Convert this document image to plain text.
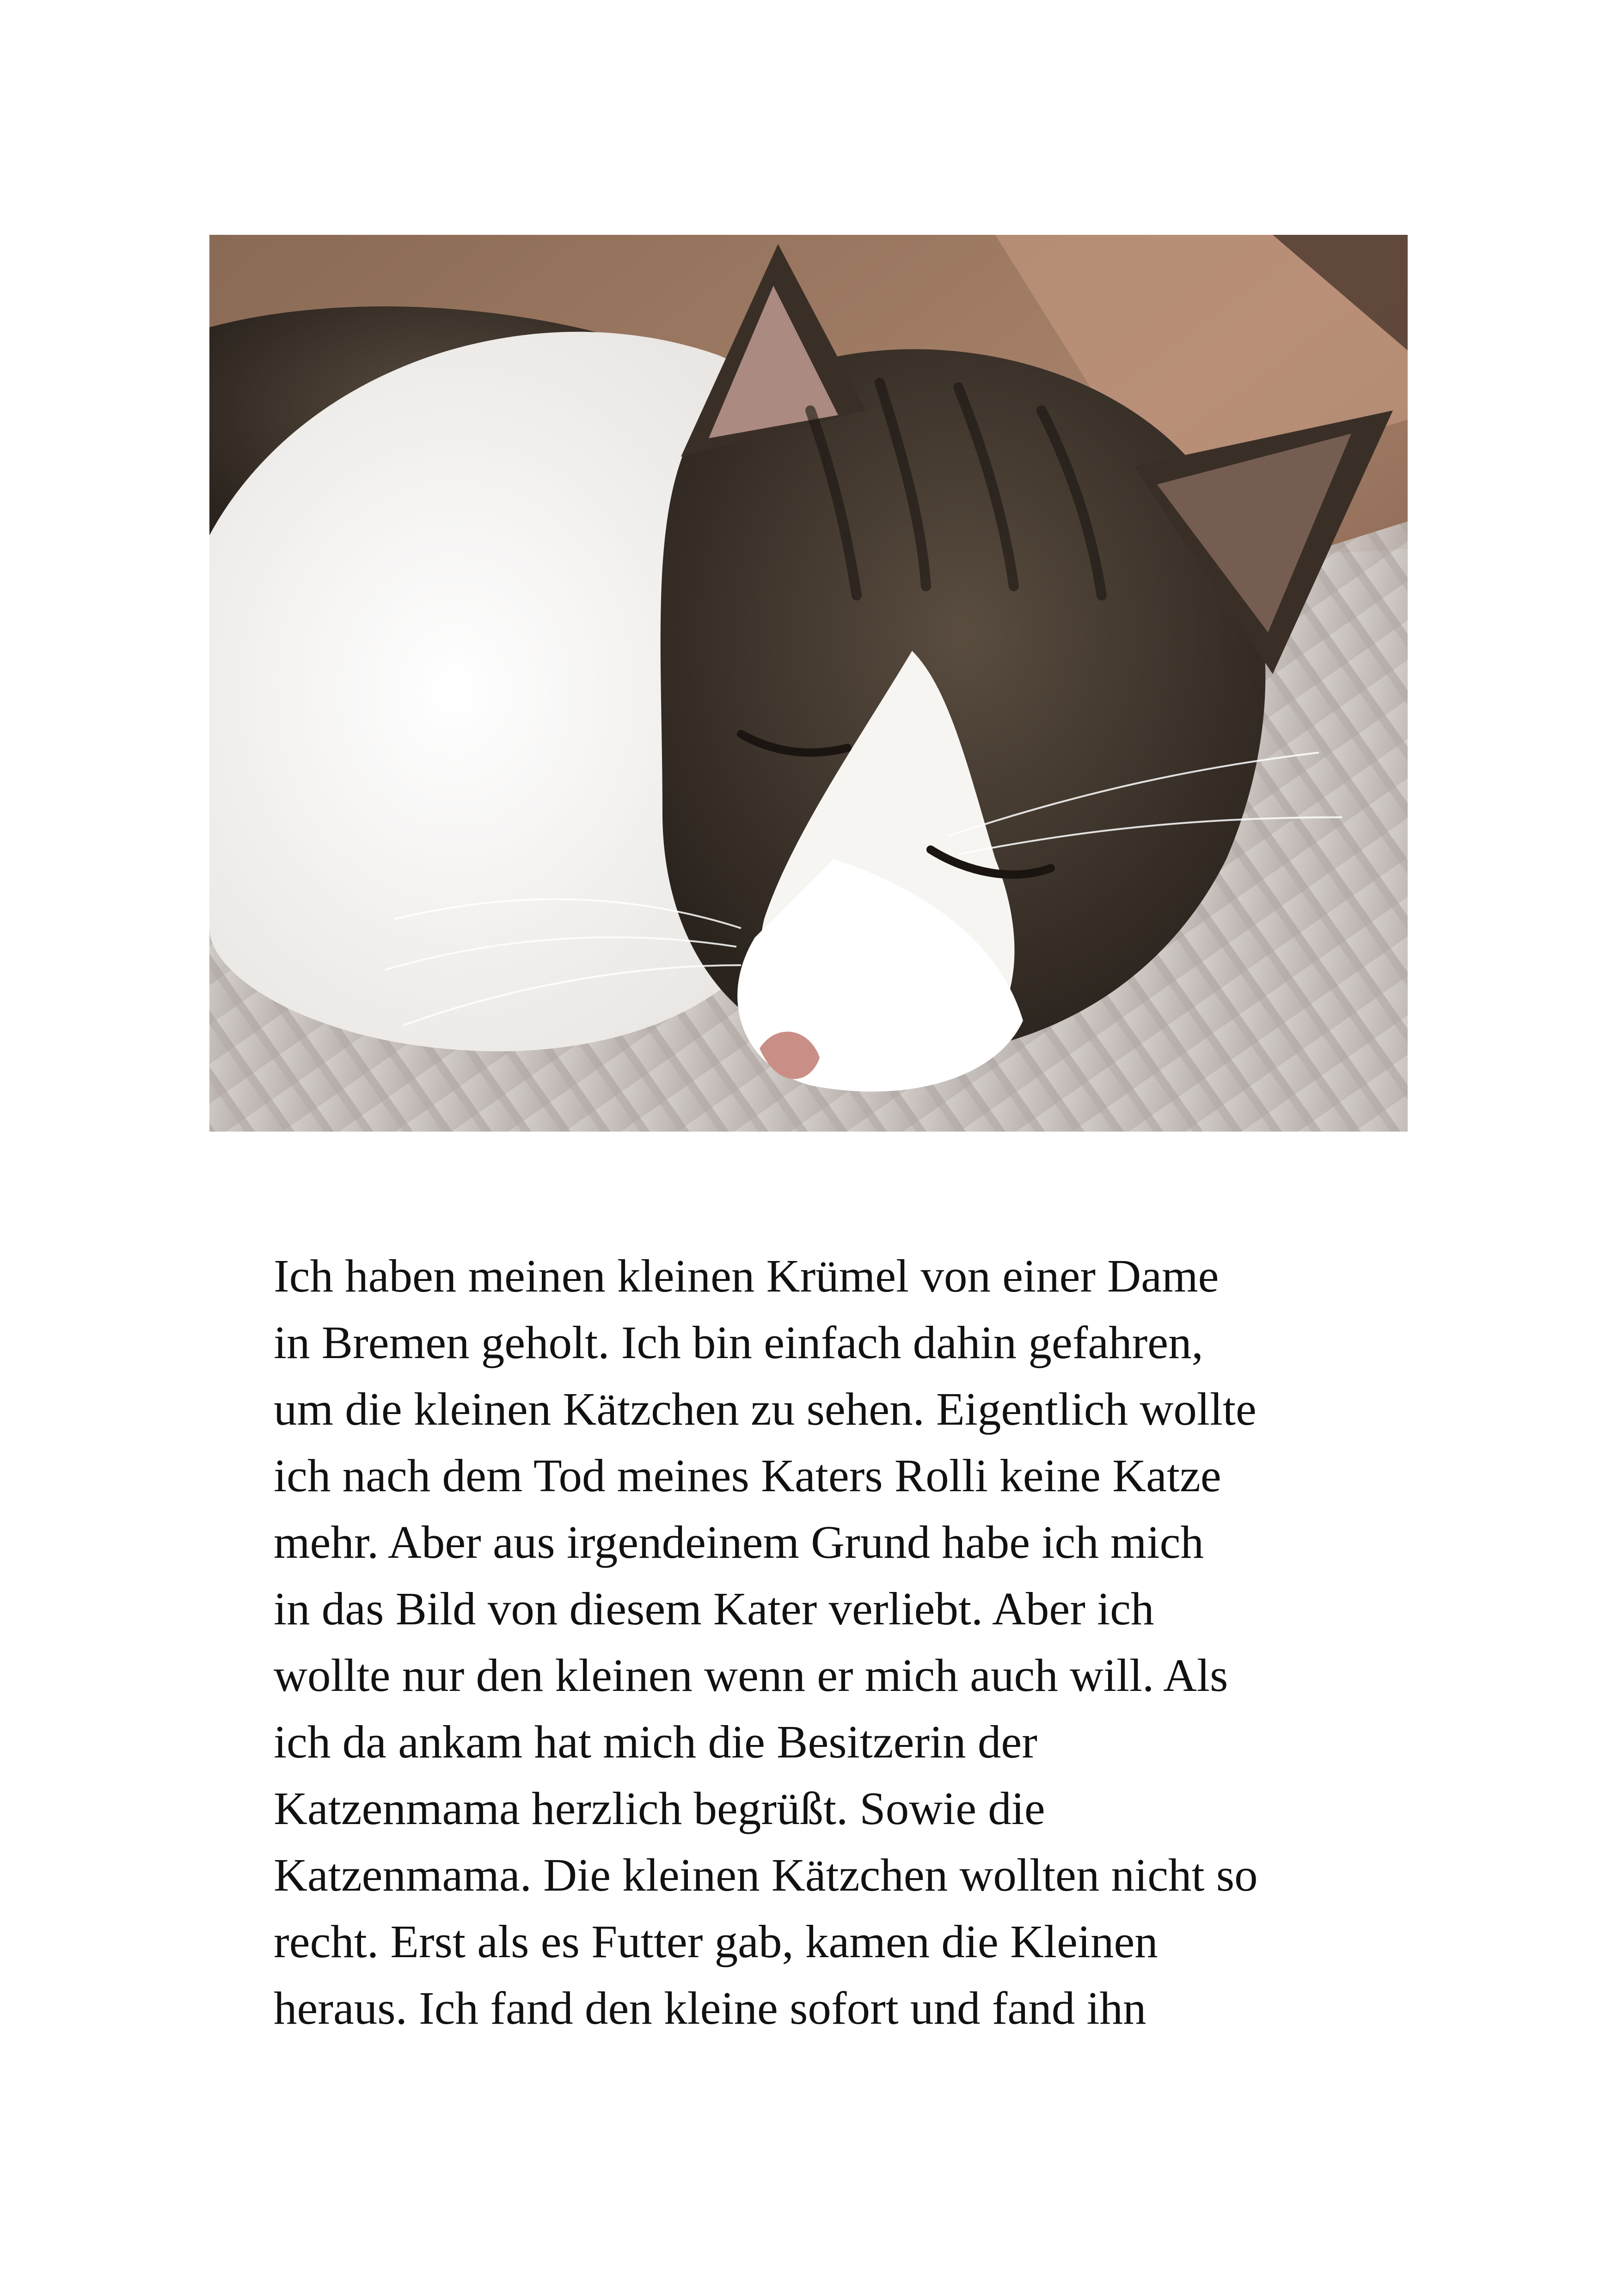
Ich haben meinen kleinen Krümel von einer Dame
in Bremen geholt. Ich bin einfach dahin gefahren,
um die kleinen Kätzchen zu sehen. Eigentlich wollte
ich nach dem Tod meines Katers Rolli keine Katze
mehr. Aber aus irgendeinem Grund habe ich mich
in das Bild von diesem Kater verliebt. Aber ich
wollte nur den kleinen wenn er mich auch will. Als
ich da ankam hat mich die Besitzerin der
Katzenmama herzlich begrüßt. Sowie die
Katzenmama. Die kleinen Kätzchen wollten nicht so
recht. Erst als es Futter gab, kamen die Kleinen
heraus. Ich fand den kleine sofort und fand ihn
